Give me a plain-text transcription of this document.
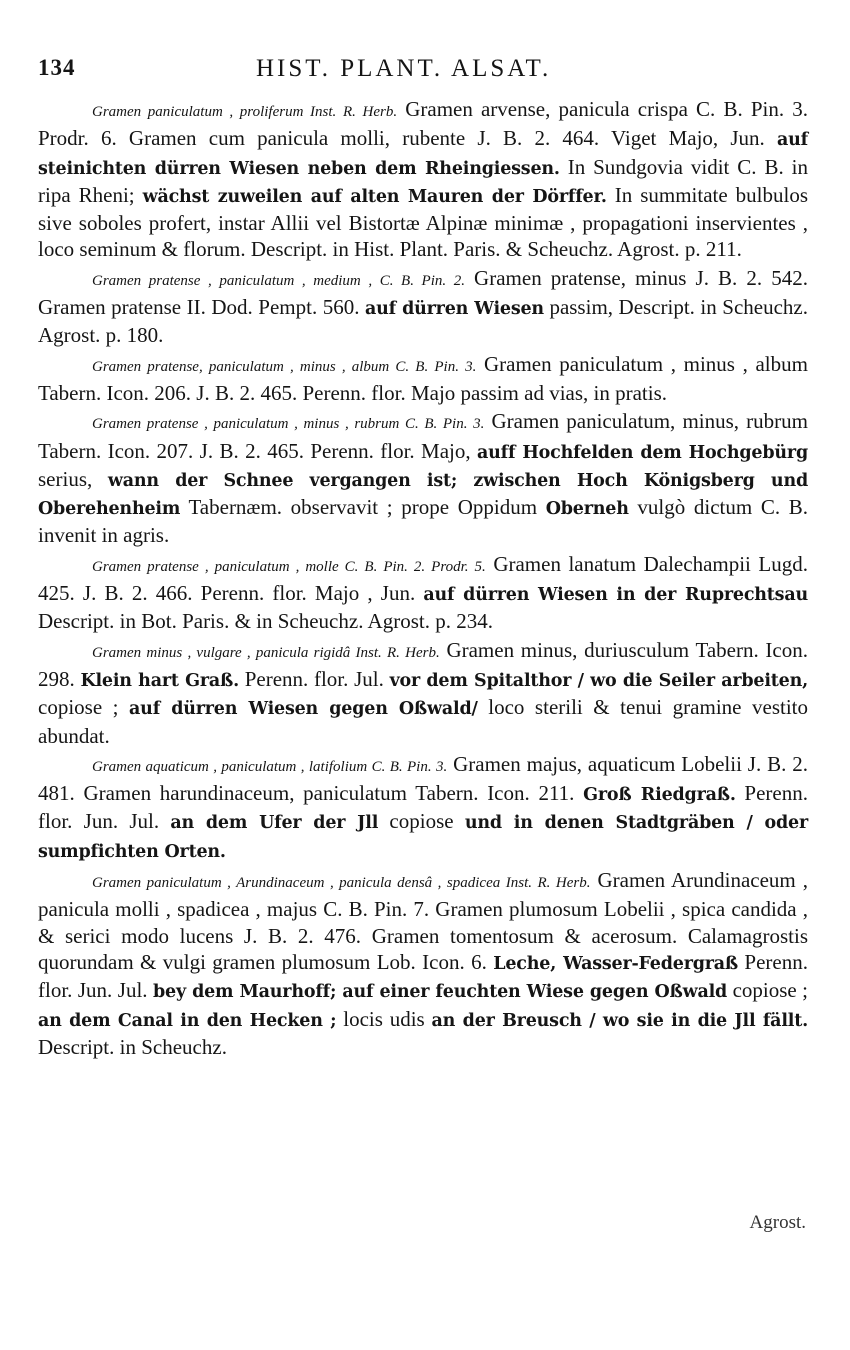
134	HIST. PLANT. ALSAT.

Gramen paniculatum , proliferum Inst. R. Herb. Gramen arvense, panicula crispa C. B. Pin. 3. Prodr. 6. Gramen cum panicula molli, rubente J. B. 2. 464. Viget Majo, Jun. auf steinichten dürren Wiesen neben dem Rheingiessen. In Sundgovia vidit C. B. in ripa Rheni; wächst zuweilen auf alten Mauren der Dörffer. In summitate bulbulos sive soboles profert, instar Allii vel Bistortæ Alpinæ minimæ , propagationi inservientes , loco seminum & florum. Descript. in Hist. Plant. Paris. & Scheuchz. Agrost. p. 211.

Gramen pratense , paniculatum , medium , C. B. Pin. 2. Gramen pratense, minus J. B. 2. 542. Gramen pratense II. Dod. Pempt. 560. auf dürren Wiesen passim, Descript. in Scheuchz. Agrost. p. 180.

Gramen pratense, paniculatum , minus , album C. B. Pin. 3. Gramen paniculatum , minus , album Tabern. Icon. 206. J. B. 2. 465. Perenn. flor. Majo passim ad vias, in pratis.

Gramen pratense , paniculatum , minus , rubrum C. B. Pin. 3. Gramen paniculatum, minus, rubrum Tabern. Icon. 207. J. B. 2. 465. Perenn. flor. Majo, auff Hochfelden dem Hochgebürg serius, wann der Schnee vergangen ist; zwischen Hoch Königsberg und Oberehenheim Tabernæm. observavit ; prope Oppidum Oberneh vulgò dictum C. B. invenit in agris.

Gramen pratense , paniculatum , molle C. B. Pin. 2. Prodr. 5. Gramen lanatum Dalechampii Lugd. 425. J. B. 2. 466. Perenn. flor. Majo , Jun. auf dürren Wiesen in der Ruprechtsau Descript. in Bot. Paris. & in Scheuchz. Agrost. p. 234.

Gramen minus , vulgare , panicula rigidâ Inst. R. Herb. Gramen minus, duriusculum Tabern. Icon. 298. Klein hart Graß. Perenn. flor. Jul. vor dem Spitalthor / wo die Seiler arbeiten, copiose ; auf dürren Wiesen gegen Oßwald/ loco sterili & tenui gramine vestito abundat.

Gramen aquaticum , paniculatum , latifolium C. B. Pin. 3. Gramen majus, aquaticum Lobelii J. B. 2. 481. Gramen harundinaceum, paniculatum Tabern. Icon. 211. Groß Riedgraß. Perenn. flor. Jun. Jul. an dem Ufer der Jll copiose und in denen Stadtgräben / oder sumpfichten Orten.

Gramen paniculatum , Arundinaceum , panicula densâ , spadicea Inst. R. Herb. Gramen Arundinaceum , panicula molli , spadicea , majus C. B. Pin. 7. Gramen plumosum Lobelii , spica candida , & serici modo lucens J. B. 2. 476. Gramen tomentosum & acerosum. Calamagrostis quorundam & vulgi gramen plumosum Lob. Icon. 6. Leche, Wasser-Federgraß Perenn. flor. Jun. Jul. bey dem Maurhoff; auf einer feuchten Wiese gegen Oßwald copiose ; an dem Canal in den Hecken ; locis udis an der Breusch / wo sie in die Jll fällt. Descript. in Scheuchz.

Agrost.
